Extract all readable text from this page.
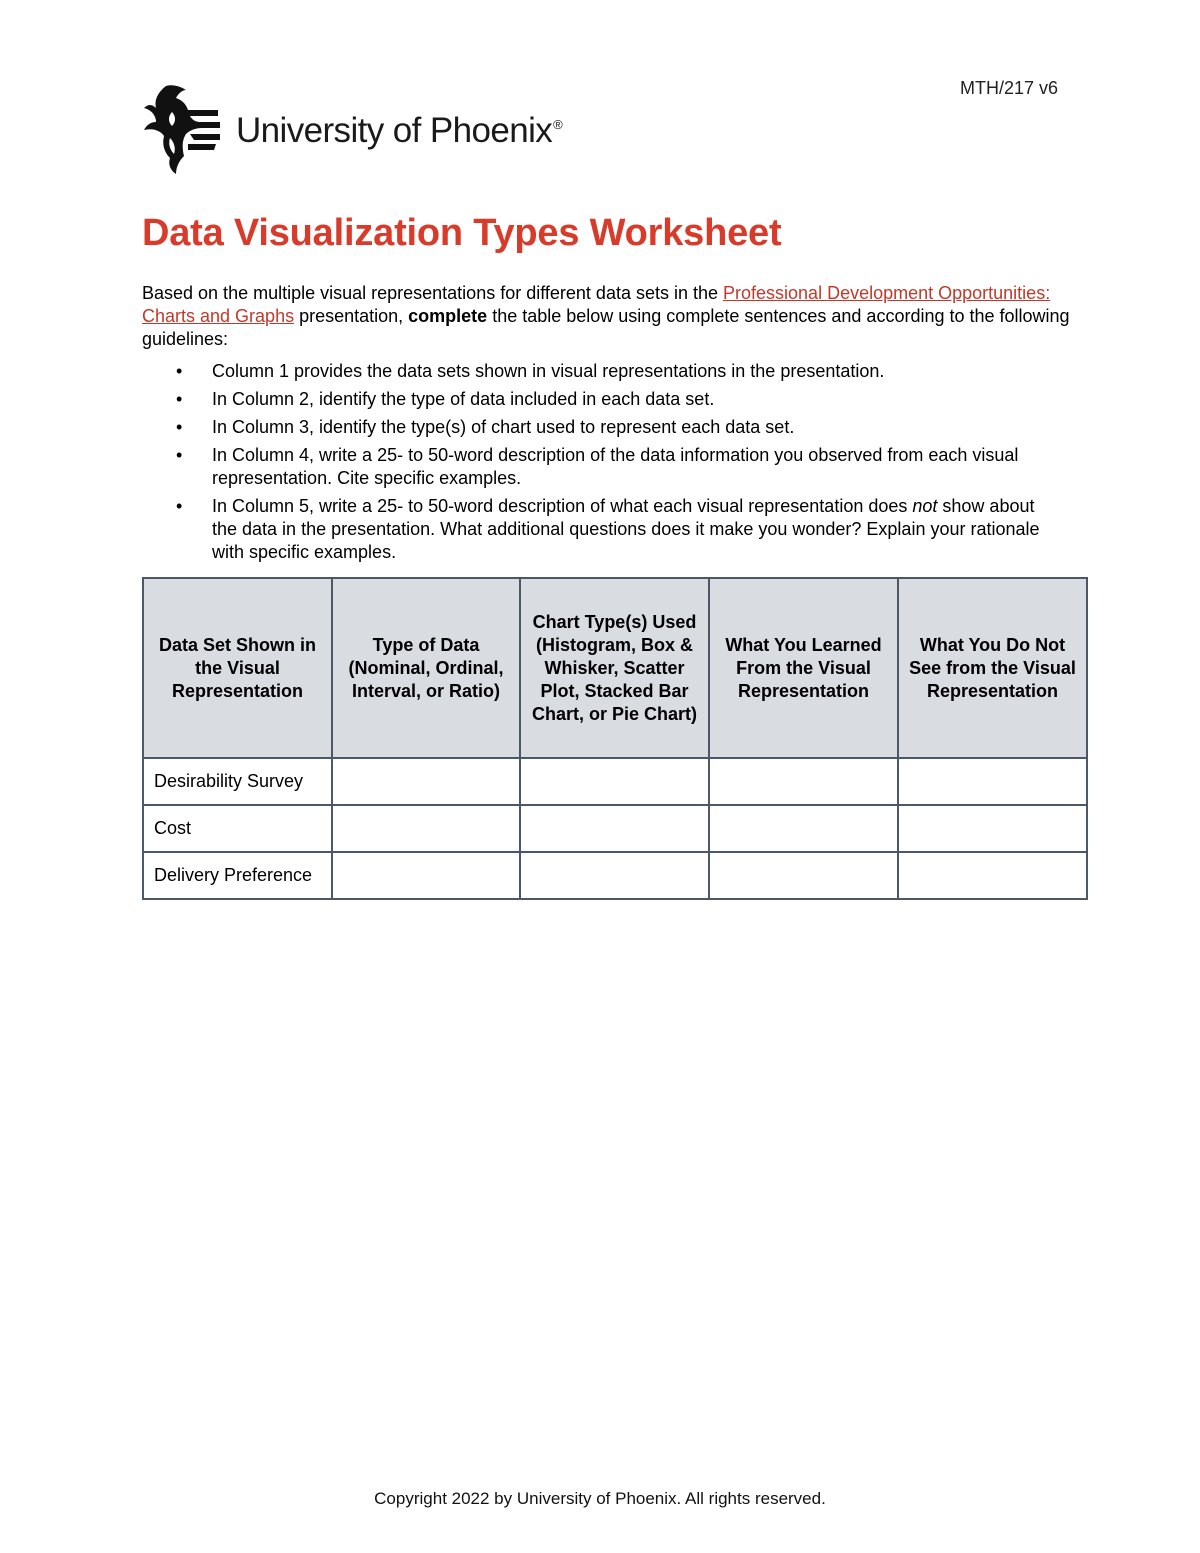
MTH/217 v6
University of Phoenix®
Data Visualization Types Worksheet

Based on the multiple visual representations for different data sets in the Professional Development Opportunities: Charts and Graphs presentation, complete the table below using complete sentences and according to the following guidelines:

• Column 1 provides the data sets shown in visual representations in the presentation.
• In Column 2, identify the type of data included in each data set.
• In Column 3, identify the type(s) of chart used to represent each data set.
• In Column 4, write a 25- to 50-word description of the data information you observed from each visual representation. Cite specific examples.
• In Column 5, write a 25- to 50-word description of what each visual representation does not show about the data in the presentation. What additional questions does it make you wonder? Explain your rationale with specific examples.
Data Set Shown in the Visual Representation	Type of Data (Nominal, Ordinal, Interval, or Ratio)	Chart Type(s) Used (Histogram, Box & Whisker, Scatter Plot, Stacked Bar Chart, or Pie Chart)	What You Learned From the Visual Representation	What You Do Not See from the Visual Representation
Desirability Survey				
Cost				
Delivery Preference				
Copyright 2022 by University of Phoenix. All rights reserved.
